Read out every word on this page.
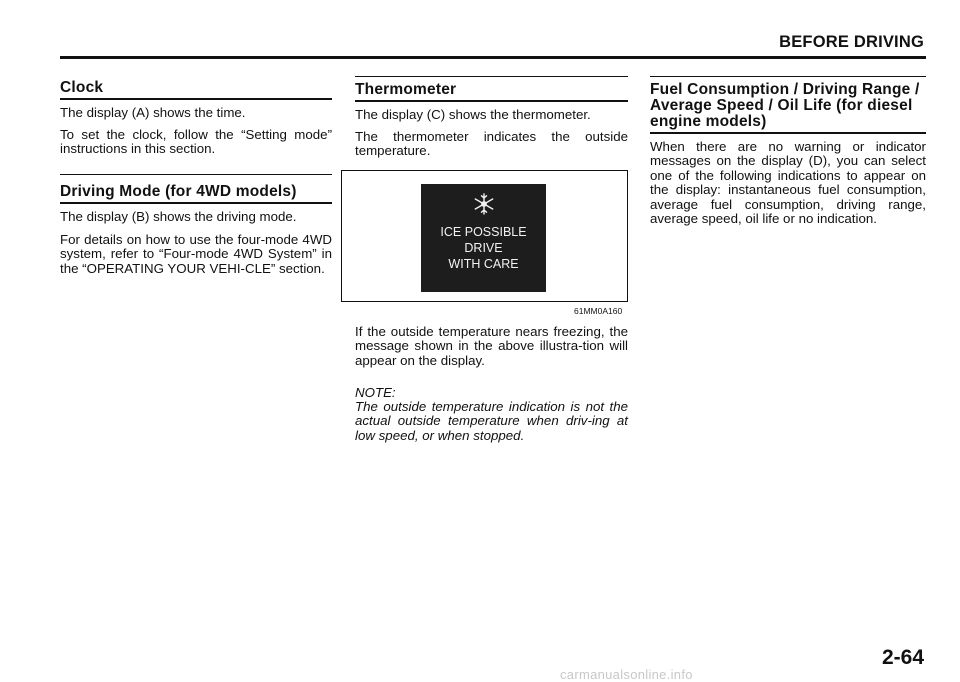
BEFORE DRIVING
Clock
The display (A) shows the time.
To set the clock, follow the “Setting mode” instructions in this section.
Driving Mode (for 4WD models)
The display (B) shows the driving mode.
For details on how to use the four-mode 4WD system, refer to “Four-mode 4WD System” in the “OPERATING YOUR VEHI-CLE” section.
Thermometer
The display (C) shows the thermometer.
The thermometer indicates the outside temperature.
ICE POSSIBLE
DRIVE
WITH CARE
61MM0A160
If the outside temperature nears freezing, the message shown in the above illustra-tion will appear on the display.
NOTE:
The outside temperature indication is not the actual outside temperature when driv-ing at low speed, or when stopped.
Fuel Consumption / Driving Range / Average Speed / Oil Life (for diesel engine models)
When there are no warning or indicator messages on the display (D), you can select one of the following indications to appear on the display: instantaneous fuel consumption, average fuel consumption, driving range, average speed, oil life or no indication.
2-64
carmanualsonline.info
